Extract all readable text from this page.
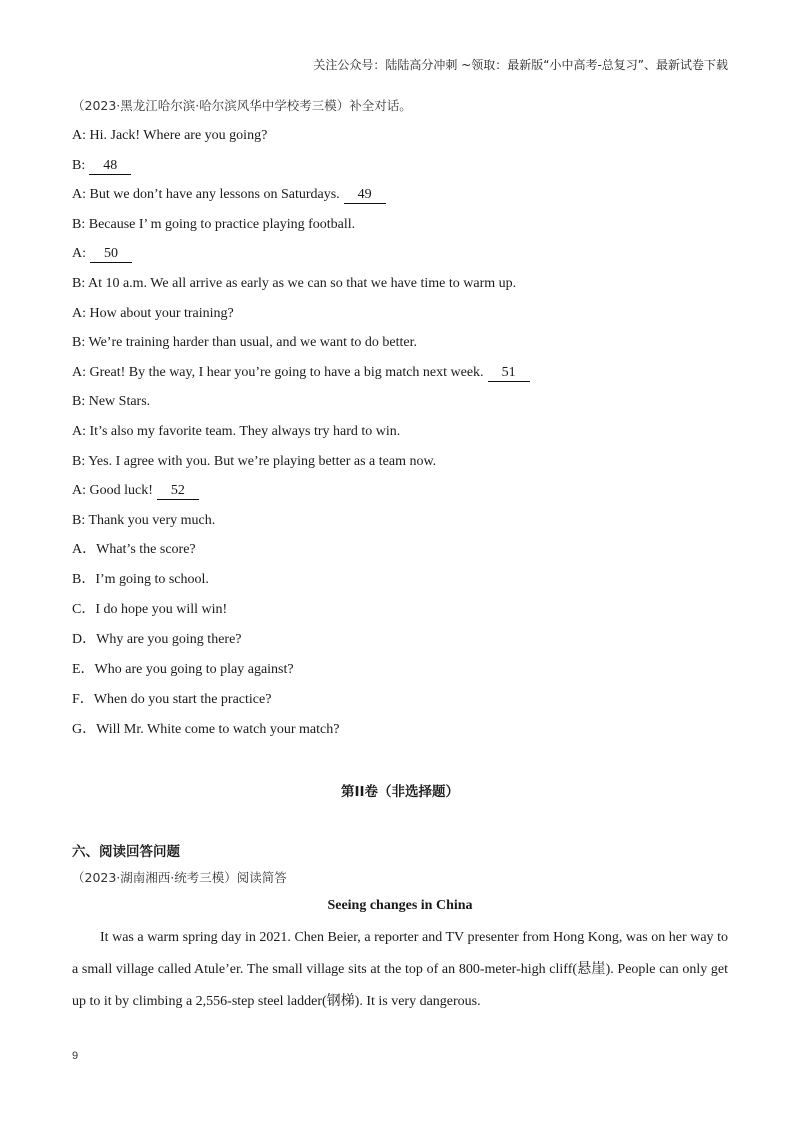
关注公众号：陆陆高分冲刺 ~领取：最新版“小中高考-总复习”、最新试卷下载
（2023·黑龙江哈尔滨·哈尔滨风华中学校考三模）补全对话。
A: Hi. Jack! Where are you going?
B: 48
A: But we don’t have any lessons on Saturdays. 49
B: Because I’ m going to practice playing football.
A: 50
B: At 10 a.m. We all arrive as early as we can so that we have time to warm up.
A: How about your training?
B: We’re training harder than usual, and we want to do better.
A: Great! By the way, I hear you’re going to have a big match next week. 51
B: New Stars.
A: It’s also my favorite team. They always try hard to win.
B: Yes. I agree with you. But we’re playing better as a team now.
A: Good luck! 52
B: Thank you very much.
A．What’s the score?
B．I’m going to school.
C．I do hope you will win!
D．Why are you going there?
E．Who are you going to play against?
F．When do you start the practice?
G．Will Mr. White come to watch your match?
第II卷（非选择题）
六、阅读回答问题
（2023·湖南湘西·统考三模）阅读简答
Seeing changes in China
It was a warm spring day in 2021. Chen Beier, a reporter and TV presenter from Hong Kong, was on her way to a small village called Atule’er. The small village sits at the top of an 800-meter-high cliff(悬崖). People can only get up to it by climbing a 2,556-step steel ladder(钢梯). It is very dangerous.
9
